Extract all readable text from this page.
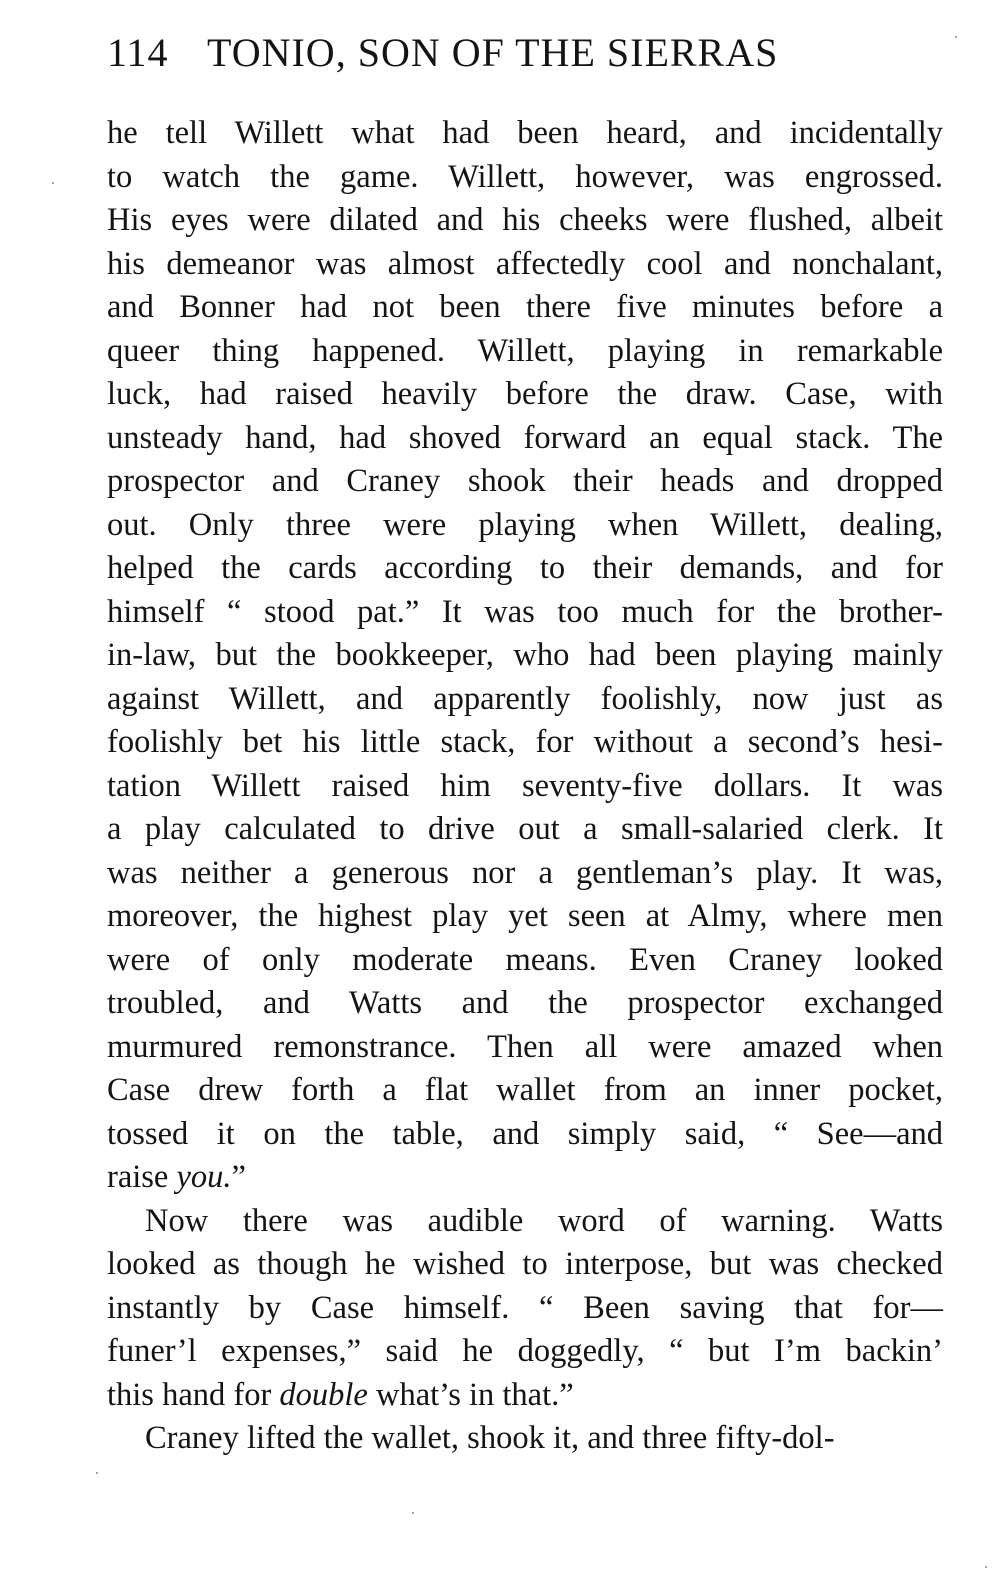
114 TONIO, SON OF THE SIERRAS
he tell Willett what had been heard, and incidentally
to watch the game. Willett, however, was engrossed.
His eyes were dilated and his cheeks were flushed, albeit
his demeanor was almost affectedly cool and nonchalant,
and Bonner had not been there five minutes before a
queer thing happened. Willett, playing in remarkable
luck, had raised heavily before the draw. Case, with
unsteady hand, had shoved forward an equal stack. The
prospector and Craney shook their heads and dropped
out. Only three were playing when Willett, dealing,
helped the cards according to their demands, and for
himself “ stood pat.” It was too much for the brother-
in-law, but the bookkeeper, who had been playing mainly
against Willett, and apparently foolishly, now just as
foolishly bet his little stack, for without a second’s hesi-
tation Willett raised him seventy-five dollars. It was
a play calculated to drive out a small-salaried clerk. It
was neither a generous nor a gentleman’s play. It was,
moreover, the highest play yet seen at Almy, where men
were of only moderate means. Even Craney looked
troubled, and Watts and the prospector exchanged
murmured remonstrance. Then all were amazed when
Case drew forth a flat wallet from an inner pocket,
tossed it on the table, and simply said, “ See—and
raise you.”
Now there was audible word of warning. Watts
looked as though he wished to interpose, but was checked
instantly by Case himself. “ Been saving that for—
funer’l expenses,” said he doggedly, “ but I’m backin’
this hand for double what’s in that.”
Craney lifted the wallet, shook it, and three fifty-dol-
